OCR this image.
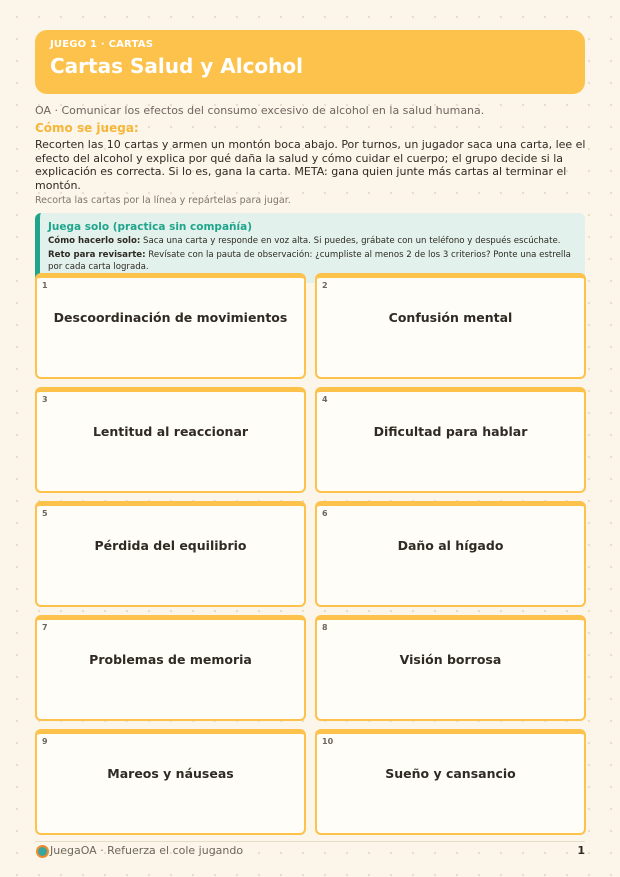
JUEGO 1 · CARTAS
Cartas Salud y Alcohol
OA · Comunicar los efectos del consumo excesivo de alcohol en la salud humana.
Cómo se juega:
Recorten las 10 cartas y armen un montón boca abajo. Por turnos, un jugador saca una carta, lee el efecto del alcohol y explica por qué daña la salud y cómo cuidar el cuerpo; el grupo decide si la explicación es correcta. Si lo es, gana la carta. META: gana quien junte más cartas al terminar el montón.
Recorta las cartas por la línea y repártelas para jugar.
Juega solo (practica sin compañía)
Cómo hacerlo solo: Saca una carta y responde en voz alta. Si puedes, grábate con un teléfono y después escúchate.
Reto para revisarte: Revísate con la pauta de observación: ¿cumpliste al menos 2 de los 3 criterios? Ponte una estrella por cada carta lograda.
1
Descoordinación de movimientos
2
Confusión mental
3
Lentitud al reaccionar
4
Dificultad para hablar
5
Pérdida del equilibrio
6
Daño al hígado
7
Problemas de memoria
8
Visión borrosa
9
Mareos y náuseas
10
Sueño y cansancio
JuegaOA · Refuerza el cole jugando	1
